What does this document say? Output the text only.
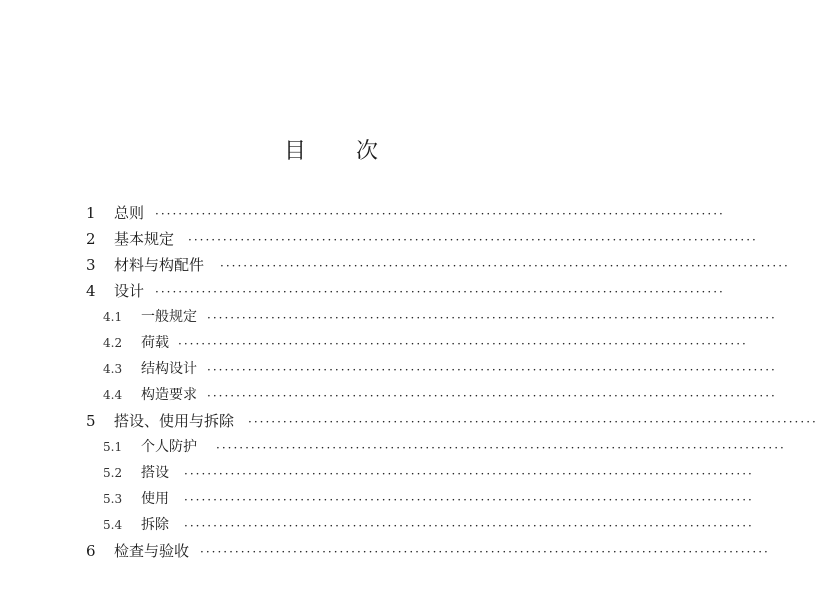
目 次
1	总则 ··································································································
2	基本规定 ··································································································
3	材料与构配件 ··································································································
4	设计 ··································································································
4.1	一般规定 ··································································································
4.2	荷载 ··································································································
4.3	结构设计 ··································································································
4.4	构造要求 ··································································································
5	搭设、使用与拆除 ··································································································
5.1	个人防护 ··································································································
5.2	搭设 ··································································································
5.3	使用 ··································································································
5.4	拆除 ··································································································
6	检查与验收 ··································································································
